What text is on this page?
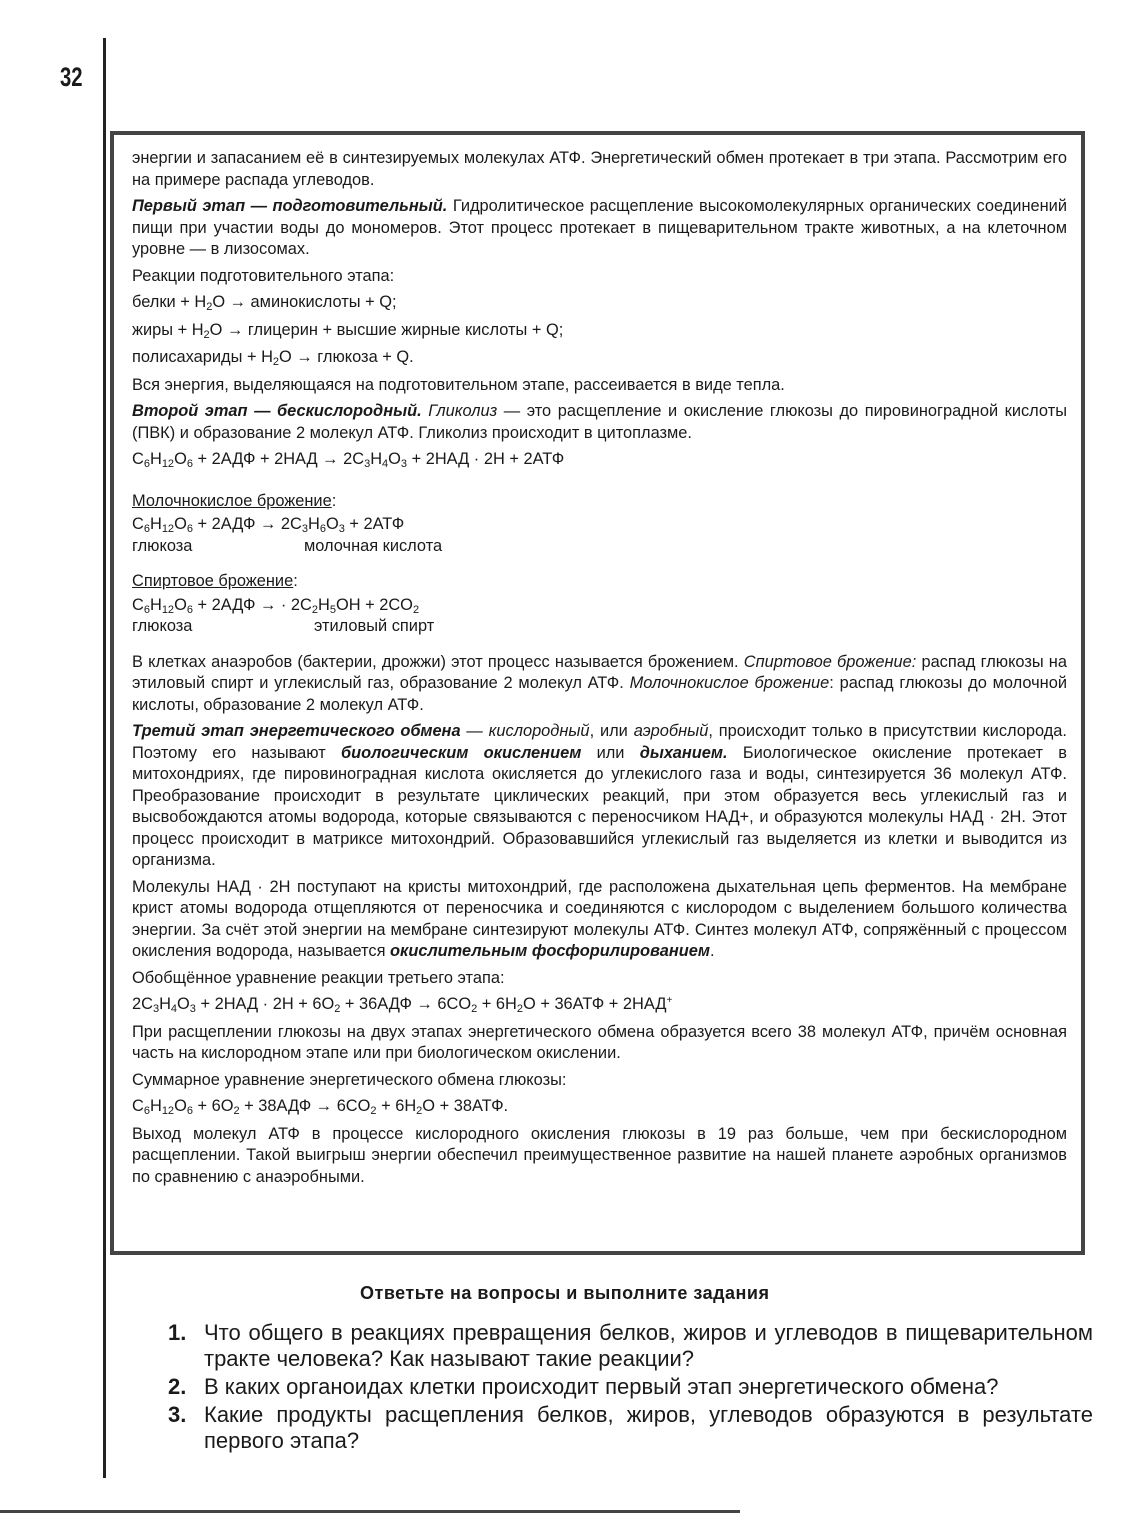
32

энергии и запасанием её в синтезируемых молекулах АТФ. Энергетический обмен протекает в три этапа. Рассмотрим его на примере распада углеводов.

Первый этап — подготовительный. Гидролитическое расщепление высокомолекулярных органических соединений пищи при участии воды до мономеров. Этот процесс протекает в пищеварительном тракте животных, а на клеточном уровне — в лизосомах.

Реакции подготовительного этапа:

белки + $H_2O$ → аминокислоты + Q;

жиры + $H_2O$ → глицерин + высшие жирные кислоты + Q;

полисахариды + $H_2O$ → глюкоза + Q.

Вся энергия, выделяющаяся на подготовительном этапе, рассеивается в виде тепла.

Второй этап — бескислородный. Гликолиз — это расщепление и окисление глюкозы до пировиноградной кислоты (ПВК) и образование 2 молекул АТФ. Гликолиз происходит в цитоплазме.

$C_6H_{12}O_6 + 2АДФ + 2НАД \to 2C_3H_4O_3 + 2НАД \cdot 2Н + 2АТФ$

Молочнокислое брожение:

$C_6H_{12}O_6 + 2АДФ \to 2C_3H_6O_3 + 2АТФ$
глюкоза	молочная кислота

Спиртовое брожение:

$C_6H_{12}O_6 + 2АДФ$ → · $2C_2H_5OH + 2CO_2$
глюкоза	этиловый спирт

В клетках анаэробов (бактерии, дрожжи) этот процесс называется брожением. Спиртовое брожение: распад глюкозы на этиловый спирт и углекислый газ, образование 2 молекул АТФ. Молочнокислое брожение: распад глюкозы до молочной кислоты, образование 2 молекул АТФ.

Третий этап энергетического обмена — кислородный, или аэробный, происходит только в присутствии кислорода. Поэтому его называют биологическим окислением или дыханием. Биологическое окисление протекает в митохондриях, где пировиноградная кислота окисляется до углекислого газа и воды, синтезируется 36 молекул АТФ. Преобразование происходит в результате циклических реакций, при этом образуется весь углекислый газ и высвобождаются атомы водорода, которые связываются с переносчиком НАД+, и образуются молекулы НАД · 2Н. Этот процесс происходит в матриксе митохондрий. Образовавшийся углекислый газ выделяется из клетки и выводится из организма.

Молекулы НАД · 2Н поступают на кристы митохондрий, где расположена дыхательная цепь ферментов. На мембране крист атомы водорода отщепляются от переносчика и соединяются с кислородом с выделением большого количества энергии. За счёт этой энергии на мембране синтезируют молекулы АТФ. Синтез молекул АТФ, сопряжённый с процессом окисления водорода, называется окислительным фосфорилированием.

Обобщённое уравнение реакции третьего этапа:

$2C_3H_4O_3 + 2НАД \cdot 2Н + 6O_2 + 36АДФ \to 6CO_2 + 6H_2O + 36АТФ + 2НАД^+$

При расщеплении глюкозы на двух этапах энергетического обмена образуется всего 38 молекул АТФ, причём основная часть на кислородном этапе или при биологическом окислении.

Суммарное уравнение энергетического обмена глюкозы:

$C_6H_{12}O_6 + 6O_2 + 38АДФ \to 6CO_2 + 6H_2O + 38АТФ$.

Выход молекул АТФ в процессе кислородного окисления глюкозы в 19 раз больше, чем при бескислородном расщеплении. Такой выигрыш энергии обеспечил преимущественное развитие на нашей планете аэробных организмов по сравнению с анаэробными.

Ответьте на вопросы и выполните задания
1. Что общего в реакциях превращения белков, жиров и углеводов в пищеварительном тракте человека? Как называют такие реакции?
2. В каких органоидах клетки происходит первый этап энергетического обмена?
3. Какие продукты расщепления белков, жиров, углеводов образуются в результате первого этапа?
